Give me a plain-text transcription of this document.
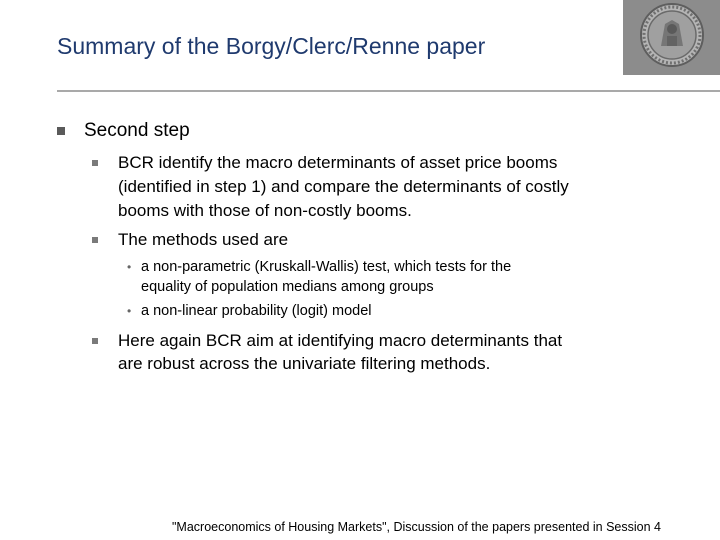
Summary of the Borgy/Clerc/Renne paper
Second step
BCR identify the macro determinants of asset price booms
(identified in step 1) and compare the determinants of costly
booms with those of non-costly booms.
The methods used are
• a non-parametric (Kruskall-Wallis) test, which tests for the
equality of population medians among groups
• a non-linear probability (logit) model
Here again BCR aim at identifying macro determinants that
are robust across the univariate filtering methods.
"Macroeconomics of Housing Markets", Discussion of the papers presented in Session 4
